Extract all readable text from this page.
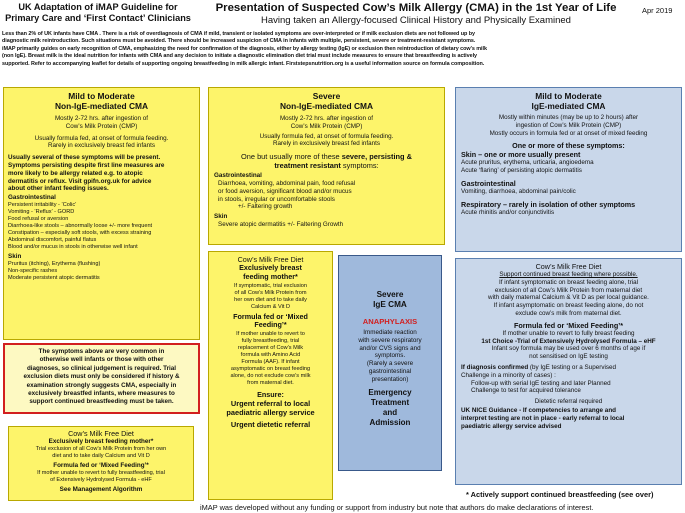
UK Adaptation of iMAP Guideline for
Primary Care and ‘First Contact’ Clinicians
Presentation of Suspected Cow’s Milk Allergy (CMA) in the 1st Year of Life	Apr 2019
Having taken an Allergy-focused Clinical History and Physically Examined
Less than 2% of UK infants have CMA . There is a risk of overdiagnosis of CMA if mild, transient or isolated symptoms are over-interpreted or if milk exclusion diets are not followed up by
diagnostic milk reintroduction. Such situations must be avoided. There should be increased suspicion of CMA in infants with multiple, persistent, severe or treatment-resistant symptoms.
iMAP primarily guides on early recognition of CMA, emphasizing the need for confirmation of the diagnosis, either by allergy testing (IgE) or exclusion then reintroduction of dietary cow’s milk
(non IgE). Breast milk is the ideal nutrition for infants with CMA and any decision to initiate a diagnostic elimination diet trial must include measures to ensure that breastfeeding is actively
supported. Refer to accompanying leaflet for details of supporting ongoing breastfeeding in milk allergic infant. Firststepsnutrition.org is a useful information source on formula composition.
Mild to Moderate
Non-IgE-mediated CMA
Mostly 2-72 hrs. after ingestion of
Cow’s Milk Protein (CMP)
Usually formula fed, at onset of formula feeding.
Rarely in exclusively breast fed infants
Usually several of these symptoms will be present.
Symptoms persisting despite first line measures are
more likely to be allergy related e.g. to atopic
dermatitis or reflux. Visit gpifn.org.uk for advice
about other infant feeding issues.
Gastrointestinal
Persistent irritability - ‘Colic’
Vomiting - ‘Reflux’ - GORD
Food refusal or aversion
Diarrhoea-like stools – abnormally loose +/- more frequent
Constipation – especially soft stools, with excess straining
Abdominal discomfort, painful flatus
Blood and/or mucus in stools in otherwise well infant
Skin
Pruritus (itching), Erythema (flushing)
Non-specific rashes
Moderate persistent atopic dermatitis
The symptoms above are very common in
otherwise well infants or those with other
diagnoses, so clinical judgement is required. Trial
exclusion diets must only be considered if history &
examination strongly suggests CMA, especially in
exclusively breastfed infants, where measures to
support continued breastfeeding must be taken.
Cow’s Milk Free Diet
Exclusively breast feeding mother*
Trial exclusion of all Cow’s Milk Protein from her own
diet and to take daily Calcium and Vit D
Formula fed or ‘Mixed Feeding’*
If mother unable to revert to fully breastfeeding, trial
of Extensively Hydrolysed Formula - eHF
See Management Algorithm
Severe
Non-IgE-mediated CMA
Mostly 2-72 hrs. after ingestion of
Cow’s Milk Protein (CMP)
Usually formula fed, at onset of formula feeding.
Rarely in exclusively breast fed infants
One but usually more of these severe, persisting &
treatment resistant symptoms:
Gastrointestinal
Diarrhoea, vomiting, abdominal pain, food refusal
or food aversion, significant blood and/or mucus
in stools, irregular or uncomfortable stools
+/- Faltering growth
Skin
Severe atopic dermatitis +/- Faltering Growth
Cow’s Milk Free Diet
Exclusively breast
feeding mother*
If symptomatic, trial exclusion
of all Cow’s Milk Protein from
her own diet and to take daily
Calcium & Vit D
Formula fed or ‘Mixed
Feeding’*
If mother unable to revert to
fully breastfeeding, trial
replacement of Cow’s Milk
formula with Amino Acid
Formula (AAF). If infant
asymptomatic on breast feeding
alone, do not exclude cow’s milk
from maternal diet.
Ensure:
Urgent referral to local
paediatric allergy service
Urgent dietetic referral
Severe
IgE CMA
ANAPHYLAXIS
Immediate reaction
with severe respiratory
and/or CVS signs and
symptoms.
(Rarely a severe
gastrointestinal
presentation)
Emergency
Treatment
and
Admission
Mild to Moderate
IgE-mediated CMA
Mostly within minutes (may be up to 2 hours) after
ingestion of Cow’s Milk Protein (CMP)
Mostly occurs in formula fed or at onset of mixed feeding
One or more of these symptoms:
Skin – one or more usually present
Acute pruritus, erythema, urticaria, angioedema
Acute ‘flaring’ of persisting atopic dermatitis
Gastrointestinal
Vomiting, diarrhoea, abdominal pain/colic
Respiratory – rarely in isolation of other symptoms
Acute rhinitis and/or conjunctivitis
Cow’s Milk Free Diet
Support continued breast feeding where possible.
If infant symptomatic on breast feeding alone, trial
exclusion of all Cow’s Milk Protein from maternal diet
with daily maternal Calcium & Vit D as per local guidance.
If infant asymptomatic on breast feeding alone, do not
exclude cow’s milk from maternal diet.
Formula fed or ‘Mixed Feeding’*
If mother unable to revert to fully breast feeding
1st Choice -Trial of Extensively Hydrolysed Formula – eHF
Infant soy formula may be used over 6 months of age if
not sensitised on IgE testing
If diagnosis confirmed (by IgE testing or a Supervised
Challenge in a minority of cases) :
Follow-up with serial IgE testing and later Planned
Challenge to test for acquired tolerance
Dietetic referral required
UK NICE Guidance - If competencies to arrange and
interpret testing are not in place - early referral to local
paediatric allergy service advised
* Actively support continued breastfeeding (see over)
iMAP was developed without any funding or support from industry but note that authors do make declarations of interest.
